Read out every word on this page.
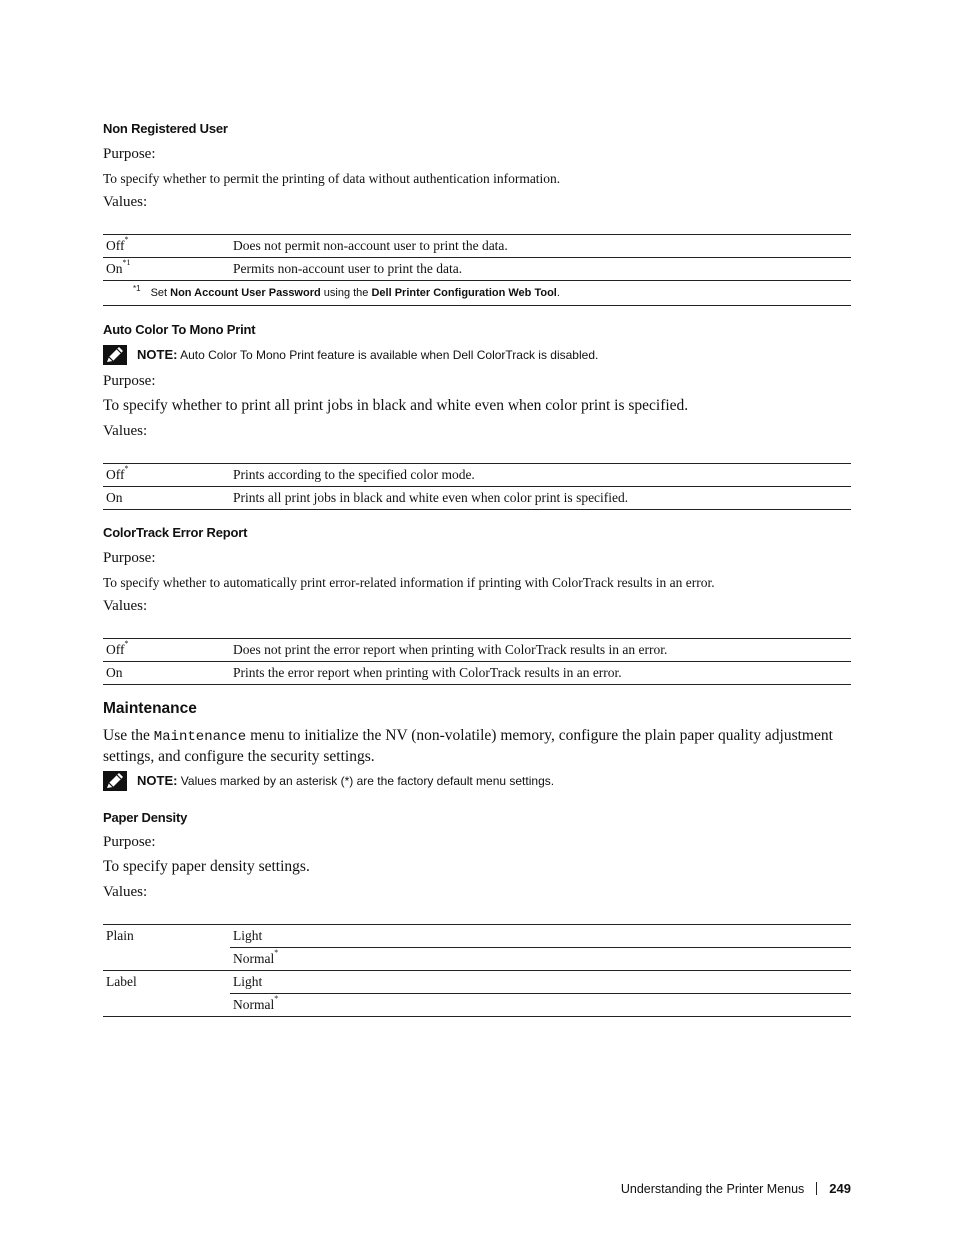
Non Registered User
Purpose:
To specify whether to permit the printing of data without authentication information.
Values:
Off*	Does not permit non-account user to print the data.
On$^{*1}$	Permits non-account user to print the data.
$^{*1}$ Set Non Account User Password using the Dell Printer Configuration Web Tool.	
Auto Color To Mono Print
NOTE: Auto Color To Mono Print feature is available when Dell ColorTrack is disabled.
Purpose:
To specify whether to print all print jobs in black and white even when color print is specified.
Values:
Off*	Prints according to the specified color mode.
On	Prints all print jobs in black and white even when color print is specified.
ColorTrack Error Report
Purpose:
To specify whether to automatically print error-related information if printing with ColorTrack results in an error.
Values:
Off*	Does not print the error report when printing with ColorTrack results in an error.
On	Prints the error report when printing with ColorTrack results in an error.
Maintenance
Use the Maintenance menu to initialize the NV (non-volatile) memory, configure the plain paper quality adjustment settings, and configure the security settings.
NOTE: Values marked by an asterisk (*) are the factory default menu settings.
Paper Density
Purpose:
To specify paper density settings.
Values:
Plain	Light
	Normal*
Label	Light
	Normal*
Understanding the Printer Menus 249
